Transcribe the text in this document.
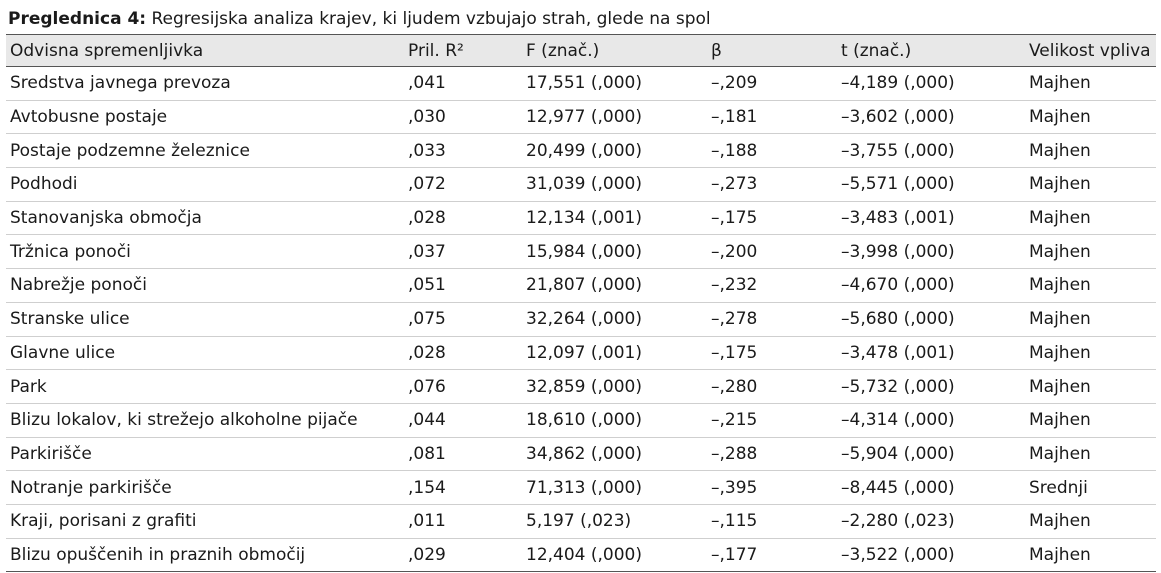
Preglednica 4: Regresijska analiza krajev, ki ljudem vzbujajo strah, glede na spol
Odvisna spremenljivka	Pril. R²	F (znač.)	β	t (znač.)	Velikost vpliva
Sredstva javnega prevoza	,041	17,551 (,000)	–,209	–4,189 (,000)	Majhen
Avtobusne postaje	,030	12,977 (,000)	–,181	–3,602 (,000)	Majhen
Postaje podzemne železnice	,033	20,499 (,000)	–,188	–3,755 (,000)	Majhen
Podhodi	,072	31,039 (,000)	–,273	–5,571 (,000)	Majhen
Stanovanjska območja	,028	12,134 (,001)	–,175	–3,483 (,001)	Majhen
Tržnica ponoči	,037	15,984 (,000)	–,200	–3,998 (,000)	Majhen
Nabrežje ponoči	,051	21,807 (,000)	–,232	–4,670 (,000)	Majhen
Stranske ulice	,075	32,264 (,000)	–,278	–5,680 (,000)	Majhen
Glavne ulice	,028	12,097 (,001)	–,175	–3,478 (,001)	Majhen
Park	,076	32,859 (,000)	–,280	–5,732 (,000)	Majhen
Blizu lokalov, ki strežejo alkoholne pijače	,044	18,610 (,000)	–,215	–4,314 (,000)	Majhen
Parkirišče	,081	34,862 (,000)	–,288	–5,904 (,000)	Majhen
Notranje parkirišče	,154	71,313 (,000)	–,395	–8,445 (,000)	Srednji
Kraji, porisani z grafiti	,011	5,197 (,023)	–,115	–2,280 (,023)	Majhen
Blizu opuščenih in praznih območij	,029	12,404 (,000)	–,177	–3,522 (,000)	Majhen
